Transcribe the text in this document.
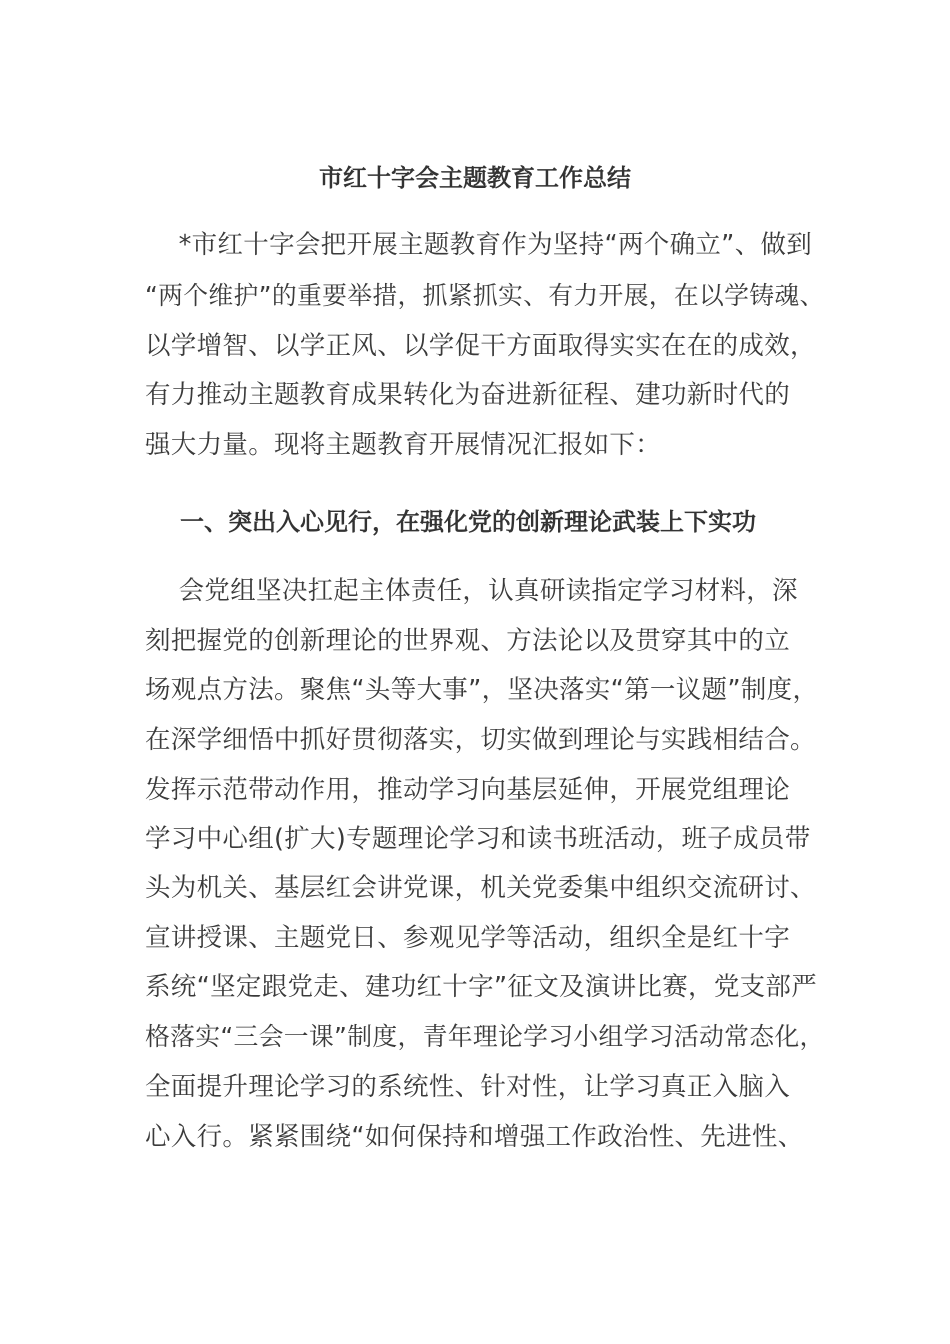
市红十字会主题教育工作总结
*市红十字会把开展主题教育作为坚持“两个确立”、做到
“两个维护”的重要举措，抓紧抓实、有力开展，在以学铸魂、
以学增智、以学正风、以学促干方面取得实实在在的成效，
有力推动主题教育成果转化为奋进新征程、建功新时代的
强大力量。现将主题教育开展情况汇报如下：
一、突出入心见行，在强化党的创新理论武装上下实功
会党组坚决扛起主体责任，认真研读指定学习材料，深
刻把握党的创新理论的世界观、方法论以及贯穿其中的立
场观点方法。聚焦“头等大事”，坚决落实“第一议题”制度，
在深学细悟中抓好贯彻落实，切实做到理论与实践相结合。
发挥示范带动作用，推动学习向基层延伸，开展党组理论
学习中心组(扩大)专题理论学习和读书班活动，班子成员带
头为机关、基层红会讲党课，机关党委集中组织交流研讨、
宣讲授课、主题党日、参观见学等活动，组织全是红十字
系统“坚定跟党走、建功红十字”征文及演讲比赛，党支部严
格落实“三会一课”制度，青年理论学习小组学习活动常态化，
全面提升理论学习的系统性、针对性，让学习真正入脑入
心入行。紧紧围绕“如何保持和增强工作政治性、先进性、
